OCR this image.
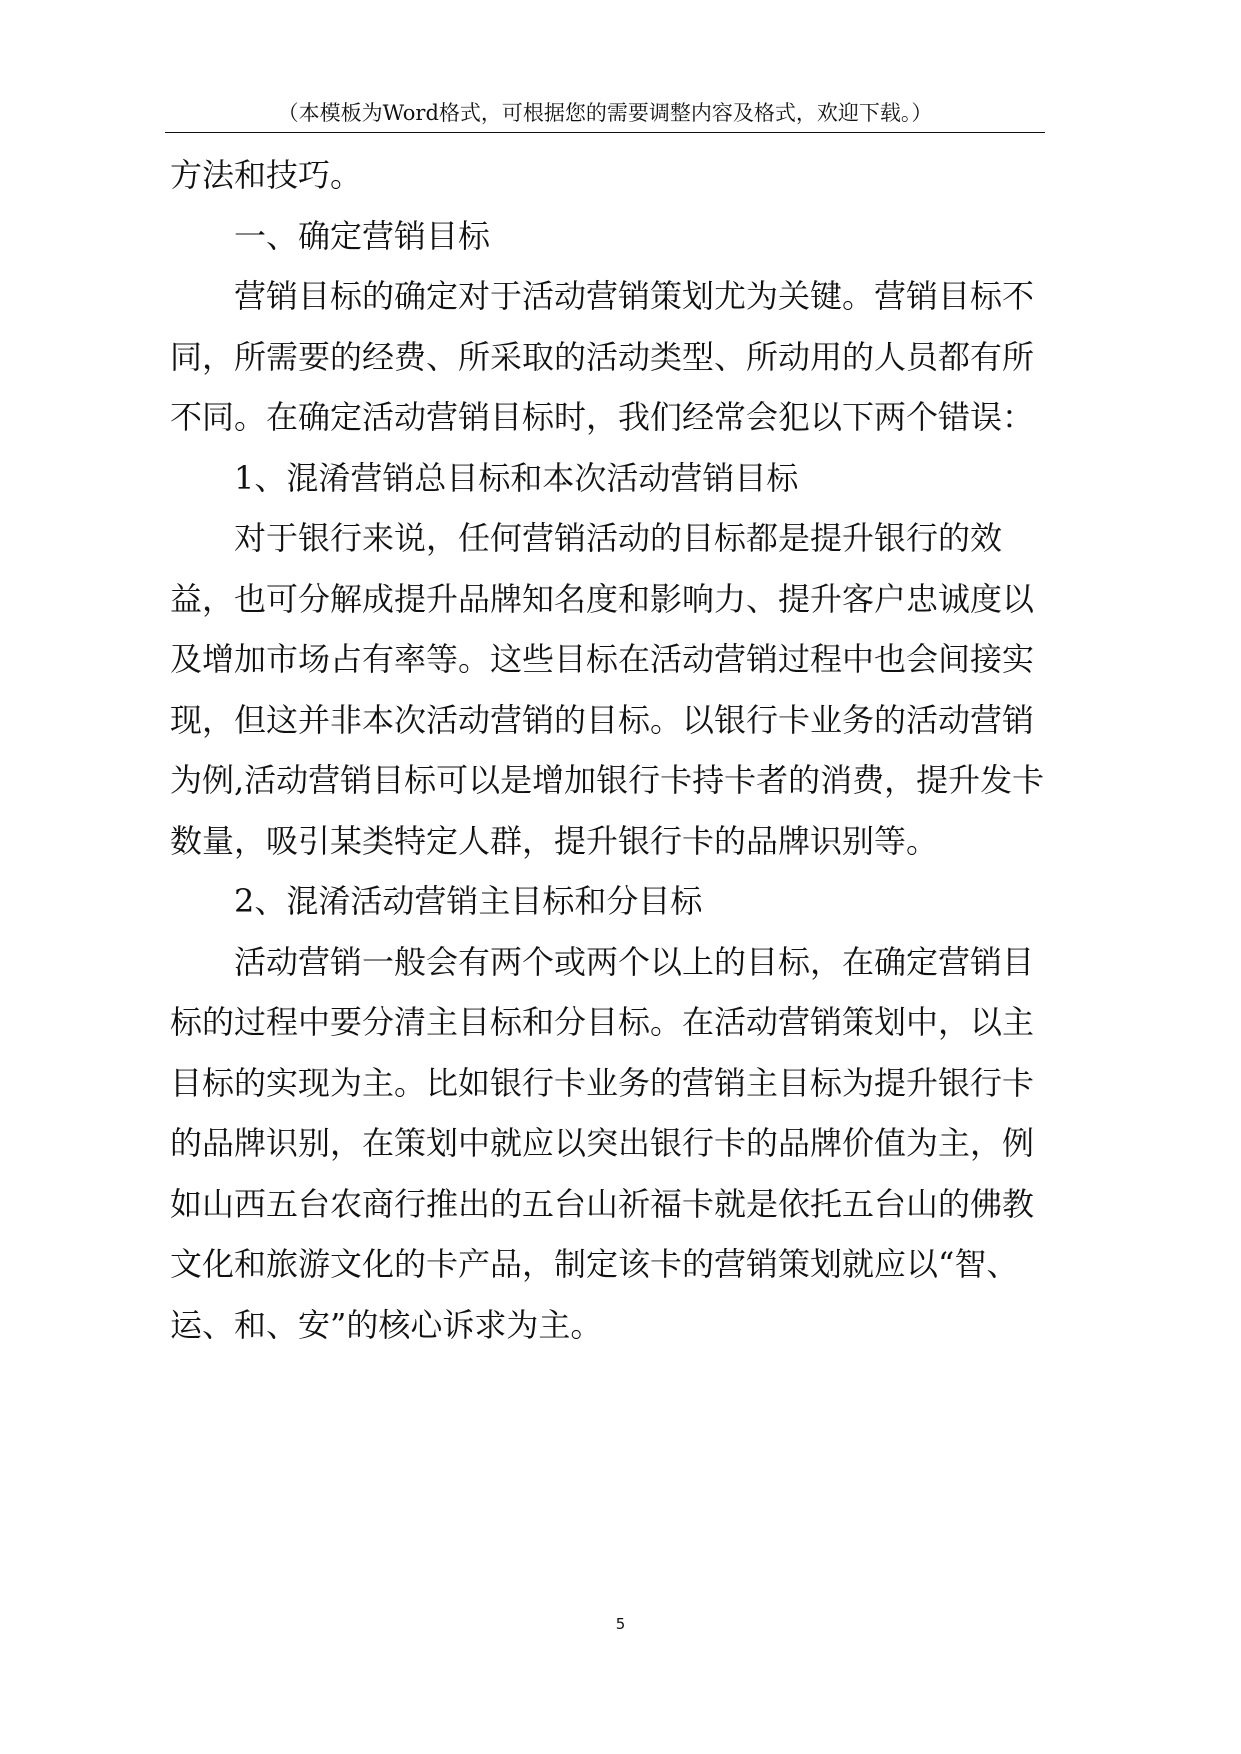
（本模板为Word格式，可根据您的需要调整内容及格式，欢迎下载。）

方法和技巧。

一、确定营销目标

营销目标的确定对于活动营销策划尤为关键。营销目标不同，所需要的经费、所采取的活动类型、所动用的人员都有所不同。在确定活动营销目标时，我们经常会犯以下两个错误：

1、混淆营销总目标和本次活动营销目标

对于银行来说，任何营销活动的目标都是提升银行的效益，也可分解成提升品牌知名度和影响力、提升客户忠诚度以及增加市场占有率等。这些目标在活动营销过程中也会间接实现，但这并非本次活动营销的目标。以银行卡业务的活动营销为例,活动营销目标可以是增加银行卡持卡者的消费，提升发卡数量，吸引某类特定人群，提升银行卡的品牌识别等。

2、混淆活动营销主目标和分目标

活动营销一般会有两个或两个以上的目标，在确定营销目标的过程中要分清主目标和分目标。在活动营销策划中，以主目标的实现为主。比如银行卡业务的营销主目标为提升银行卡的品牌识别，在策划中就应以突出银行卡的品牌价值为主，例如山西五台农商行推出的五台山祈福卡就是依托五台山的佛教文化和旅游文化的卡产品，制定该卡的营销策划就应以“智、运、和、安”的核心诉求为主。

5
